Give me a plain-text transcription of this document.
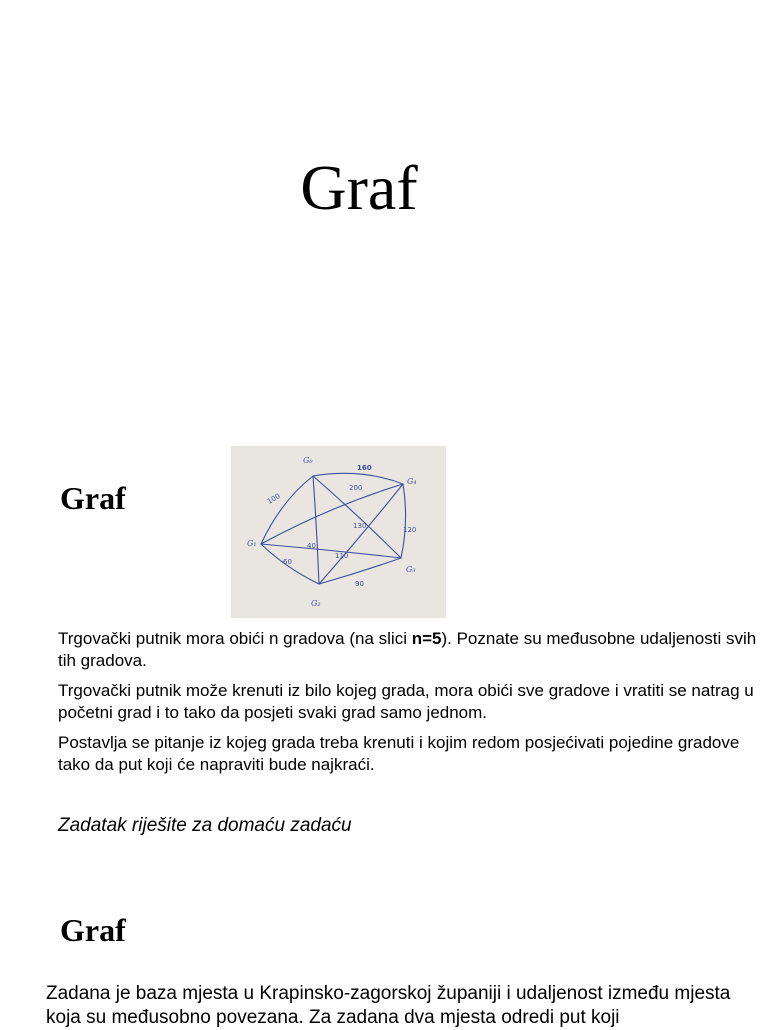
Graf
Graf
G₀
G₄
G₁
G₃
G₂
160
200
100
130	120
40
110
60
90

Trgovački putnik mora obići n gradova (na slici n=5). Poznate su međusobne udaljenosti svih tih gradova.

Trgovački putnik može krenuti iz bilo kojeg grada, mora obići sve gradove i vratiti se natrag u početni grad i to tako da posjeti svaki grad samo jednom.

Postavlja se pitanje iz kojeg grada treba krenuti i kojim redom posjećivati pojedine gradove tako da put koji će napraviti bude najkraći.

Zadatak riješite za domaću zadaću

Graf

Zadana je baza mjesta u Krapinsko-zagorskoj županiji i udaljenost između mjesta koja su međusobno povezana. Za zadana dva mjesta odredi put koji
